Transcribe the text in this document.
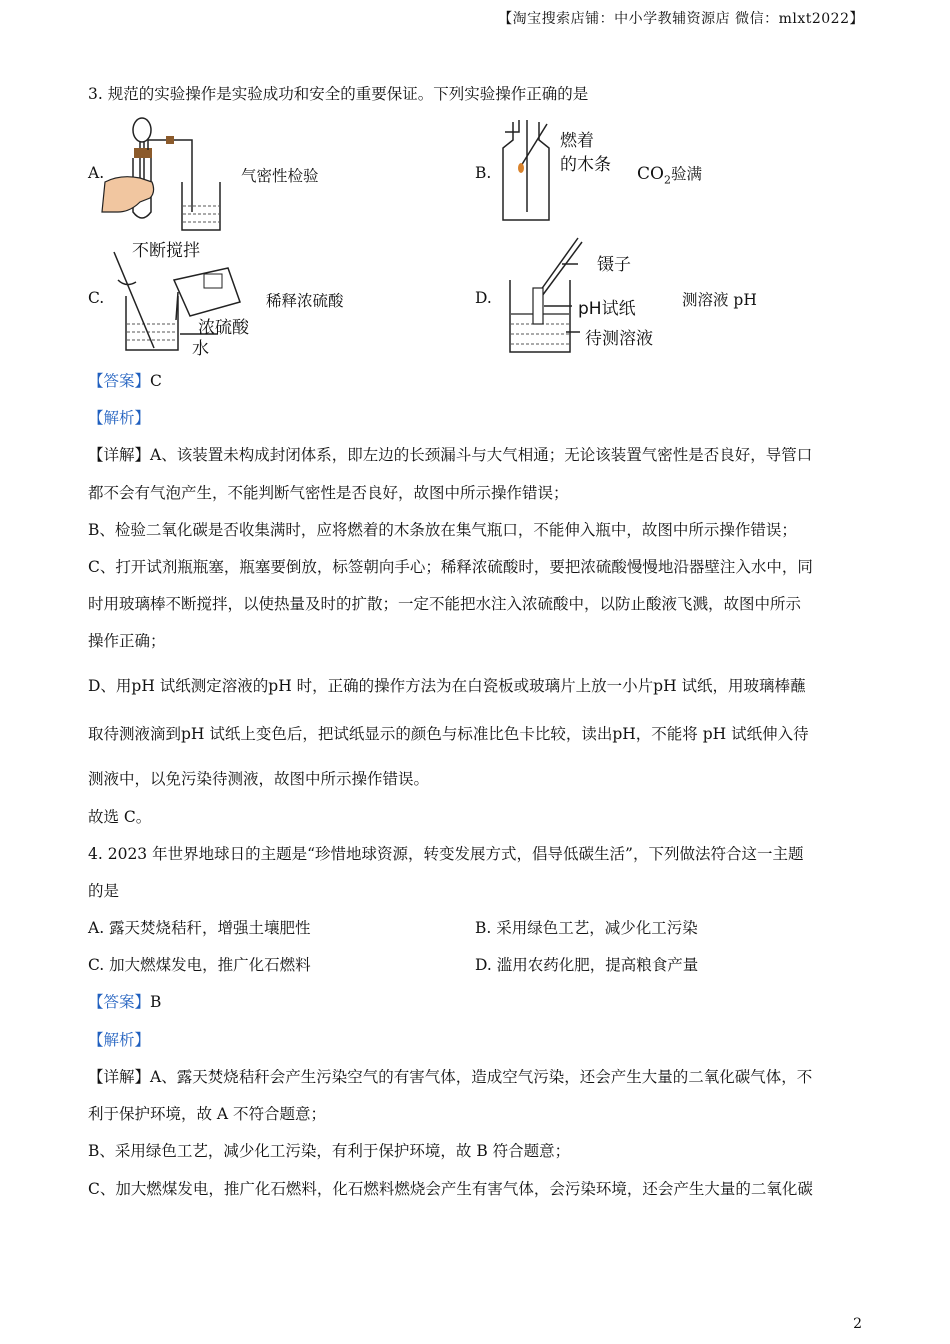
【淘宝搜索店铺：中小学教辅资源店 微信：mlxt2022】
3. 规范的实验操作是实验成功和安全的重要保证。下列实验操作正确的是
A.	气密性检验	B.
燃着
的木条 $CO_2$验满
C.
不断搅拌
浓硫酸
水
稀释浓硫酸	D.
镊子
pH试纸
待测溶液
测溶液 pH
【答案】C
【解析】
【详解】A、该装置未构成封闭体系，即左边的长颈漏斗与大气相通；无论该装置气密性是否良好，导管口
都不会有气泡产生，不能判断气密性是否良好，故图中所示操作错误；
B、检验二氧化碳是否收集满时，应将燃着的木条放在集气瓶口，不能伸入瓶中，故图中所示操作错误；
C、打开试剂瓶瓶塞，瓶塞要倒放，标签朝向手心；稀释浓硫酸时，要把浓硫酸慢慢地沿器壁注入水中，同
时用玻璃棒不断搅拌，以使热量及时的扩散；一定不能把水注入浓硫酸中，以防止酸液飞溅，故图中所示
操作正确；
D、用pH 试纸测定溶液的pH 时，正确的操作方法为在白瓷板或玻璃片上放一小片pH 试纸，用玻璃棒蘸
取待测液滴到pH 试纸上变色后，把试纸显示的颜色与标准比色卡比较，读出pH，不能将 pH 试纸伸入待
测液中，以免污染待测液，故图中所示操作错误。
故选 C。
4. 2023 年世界地球日的主题是“珍惜地球资源，转变发展方式，倡导低碳生活”，下列做法符合这一主题
的是
A. 露天焚烧秸秆，增强土壤肥性	B. 采用绿色工艺，减少化工污染
C. 加大燃煤发电，推广化石燃料	D. 滥用农药化肥，提高粮食产量
【答案】B
【解析】
【详解】A、露天焚烧秸秆会产生污染空气的有害气体，造成空气污染，还会产生大量的二氧化碳气体，不
利于保护环境，故 A 不符合题意；
B、采用绿色工艺，减少化工污染，有利于保护环境，故 B 符合题意；
C、加大燃煤发电，推广化石燃料，化石燃料燃烧会产生有害气体，会污染环境，还会产生大量的二氧化碳
2
